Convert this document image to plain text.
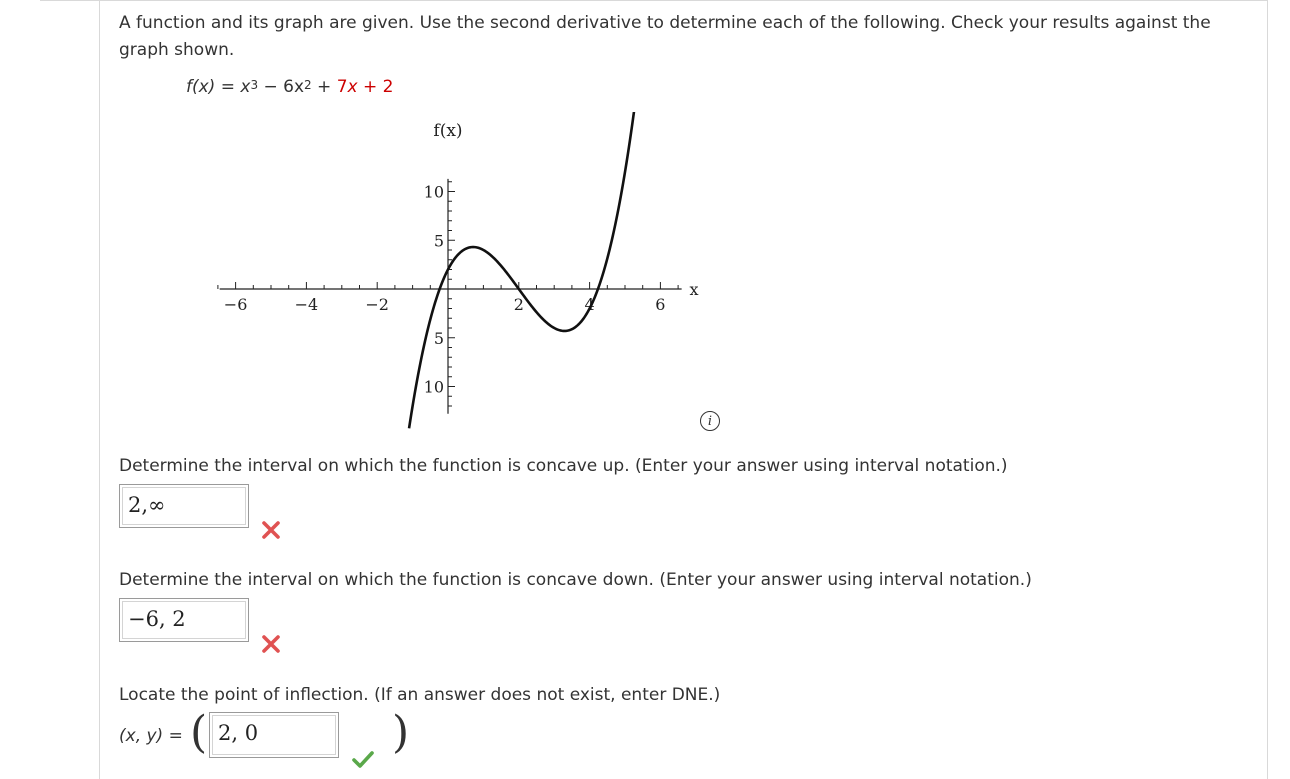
A function and its graph are given. Use the second derivative to determine each of the following. Check your results against the graph shown.
$f(x) = x^3 - 6x^2 + 7x + 2$
−6	−4	−2	2	4	6
10
5
5
10
x
f(x)
i
Determine the interval on which the function is concave up. (Enter your answer using interval notation.)
2,∞
Determine the interval on which the function is concave down. (Enter your answer using interval notation.)
−6, 2
Locate the point of inflection. (If an answer does not exist, enter DNE.)
(x, y) = ( 2, 0	)
